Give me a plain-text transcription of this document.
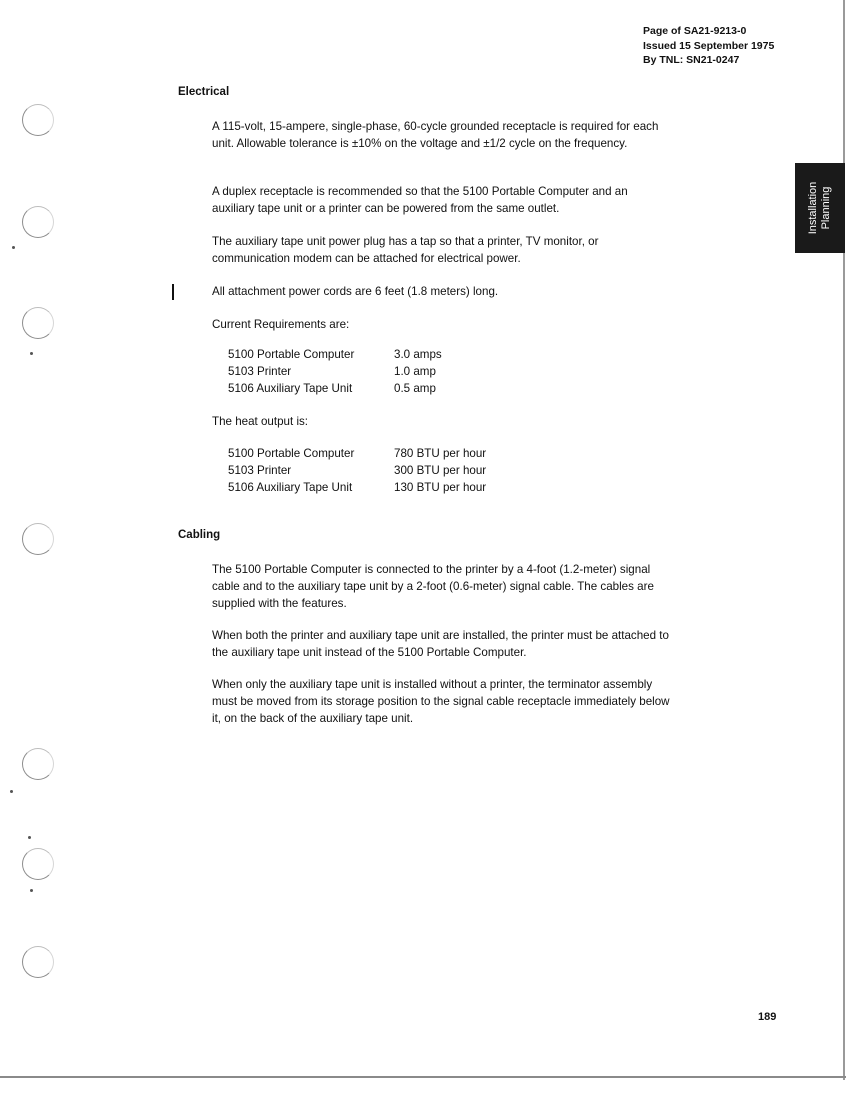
Page of SA21-9213-0
Issued 15 September 1975
By TNL: SN21-0247
Installation Planning
Electrical

A 115-volt, 15-ampere, single-phase, 60-cycle grounded receptacle is required for each unit. Allowable tolerance is ±10% on the voltage and ±1/2 cycle on the frequency.

A duplex receptacle is recommended so that the 5100 Portable Computer and an auxiliary tape unit or a printer can be powered from the same outlet.

The auxiliary tape unit power plug has a tap so that a printer, TV monitor, or communication modem can be attached for electrical power.

All attachment power cords are 6 feet (1.8 meters) long.

Current Requirements are:

5100 Portable Computer	3.0 amps
5103 Printer	1.0 amp
5106 Auxiliary Tape Unit	0.5 amp

The heat output is:

5100 Portable Computer	780 BTU per hour
5103 Printer	300 BTU per hour
5106 Auxiliary Tape Unit	130 BTU per hour
Cabling

The 5100 Portable Computer is connected to the printer by a 4-foot (1.2-meter) signal cable and to the auxiliary tape unit by a 2-foot (0.6-meter) signal cable. The cables are supplied with the features.

When both the printer and auxiliary tape unit are installed, the printer must be attached to the auxiliary tape unit instead of the 5100 Portable Computer.

When only the auxiliary tape unit is installed without a printer, the terminator assembly must be moved from its storage position to the signal cable receptacle immediately below it, on the back of the auxiliary tape unit.

189
